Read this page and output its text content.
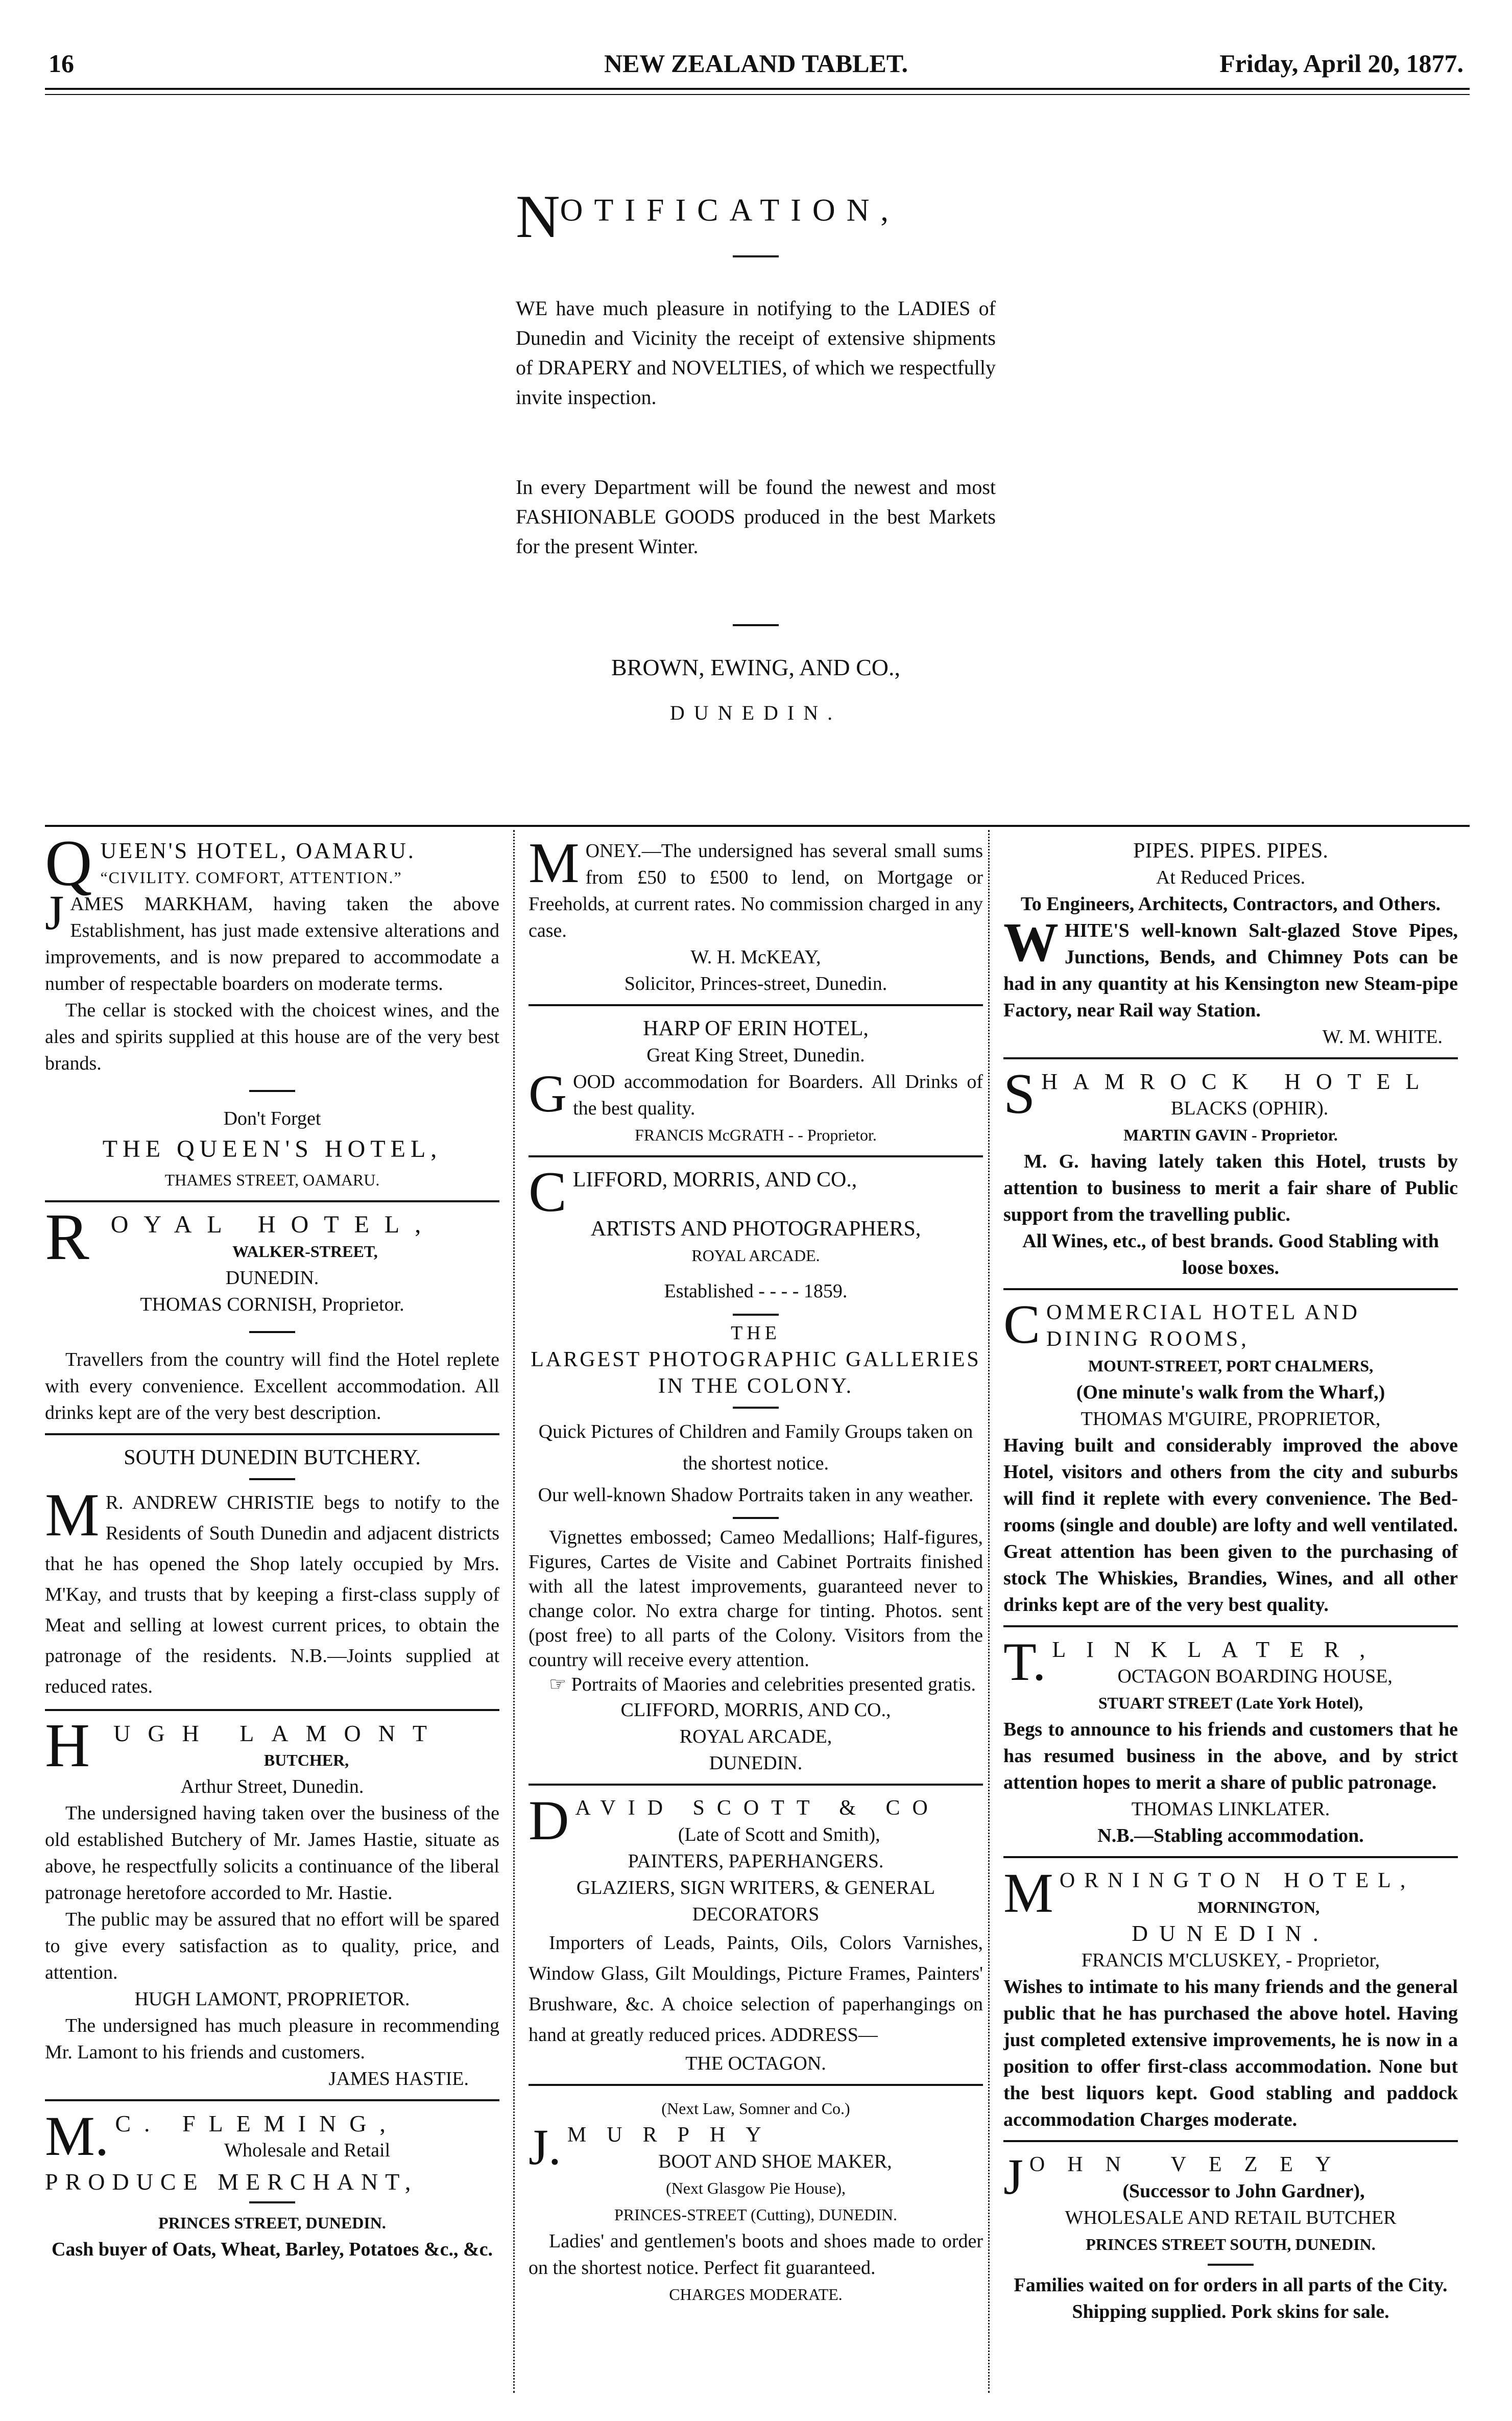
16	NEW ZEALAND TABLET.	Friday, April 20, 1877.
NOTIFICATION,

WE have much pleasure in notifying to the LADIES of Dunedin and Vicinity the receipt of extensive shipments of DRAPERY and NOVELTIES, of which we respectfully invite inspection.

In every Department will be found the newest and most FASHIONABLE GOODS produced in the best Markets for the present Winter.

BROWN, EWING, AND CO.,
DUNEDIN.
QUEEN'S HOTEL, OAMARU.
“CIVILITY. COMFORT, ATTENTION.”

JAMES MARKHAM, having taken the above Establishment, has just made extensive alterations and improvements, and is now prepared to accommodate a number of respectable boarders on moderate terms.

The cellar is stocked with the choicest wines, and the ales and spirits supplied at this house are of the very best brands.

Don't Forget
THE QUEEN'S HOTEL,
THAMES STREET, OAMARU.
ROYAL HOTEL,
WALKER-STREET,
DUNEDIN.
THOMAS CORNISH, Proprietor.

Travellers from the country will find the Hotel replete with every convenience. Excellent accommodation. All drinks kept are of the very best description.

SOUTH DUNEDIN BUTCHERY.

M R. ANDREW CHRISTIE begs to notify to the Residents of South Dunedin and adjacent districts that he has opened the Shop lately occupied by Mrs. M'Kay, and trusts that by keeping a first-class supply of Meat and selling at lowest current prices, to obtain the patronage of the residents. N.B.—Joints supplied at reduced rates.

HUGH LAMONT
BUTCHER,
Arthur Street, Dunedin.

The undersigned having taken over the business of the old established Butchery of Mr. James Hastie, situate as above, he respectfully solicits a continuance of the liberal patronage heretofore accorded to Mr. Hastie.

The public may be assured that no effort will be spared to give every satisfaction as to quality, price, and attention.

HUGH LAMONT, PROPRIETOR.

The undersigned has much pleasure in recommending Mr. Lamont to his friends and customers.

JAMES HASTIE.
M. C. FLEMING,
Wholesale and Retail
PRODUCE MERCHANT,
PRINCES STREET, DUNEDIN.

Cash buyer of Oats, Wheat, Barley, Potatoes &c., &c.

MONEY.—The undersigned has several small sums from £50 to £500 to lend, on Mortgage or Freeholds, at current rates. No commission charged in any case.

W. H. McKEAY,
Solicitor, Princes-street, Dunedin.
HARP OF ERIN HOTEL,
Great King Street, Dunedin.

GOOD accommodation for Boarders. All Drinks of the best quality.

FRANCIS McGRATH - - Proprietor.
CLIFFORD, MORRIS, AND CO.,
ARTISTS AND PHOTOGRAPHERS,
ROYAL ARCADE.
Established - - - - 1859.
THE
LARGEST PHOTOGRAPHIC GALLERIES IN THE COLONY.

Quick Pictures of Children and Family Groups taken on the shortest notice.

Our well-known Shadow Portraits taken in any weather.

Vignettes embossed; Cameo Medallions; Half-figures, Figures, Cartes de Visite and Cabinet Portraits finished with all the latest improvements, guaranteed never to change color. No extra charge for tinting. Photos. sent (post free) to all parts of the Colony. Visitors from the country will receive every attention.

☞ Portraits of Maories and celebrities presented gratis.

CLIFFORD, MORRIS, AND CO.,
ROYAL ARCADE,
DUNEDIN.
DAVID SCOTT & CO
(Late of Scott and Smith),
PAINTERS, PAPERHANGERS.
GLAZIERS, SIGN WRITERS, & GENERAL DECORATORS

Importers of Leads, Paints, Oils, Colors Varnishes, Window Glass, Gilt Mouldings, Picture Frames, Painters' Brushware, &c. A choice selection of paperhangings on hand at greatly reduced prices. ADDRESS—

THE OCTAGON.
(Next Law, Somner and Co.)
J. MURPHY
BOOT AND SHOE MAKER,
(Next Glasgow Pie House),
PRINCES-STREET (Cutting), DUNEDIN.

Ladies' and gentlemen's boots and shoes made to order on the shortest notice. Perfect fit guaranteed.

CHARGES MODERATE.
PIPES. PIPES. PIPES.
At Reduced Prices.
To Engineers, Architects, Contractors, and Others.

WHITE'S well-known Salt-glazed Stove Pipes, Junctions, Bends, and Chimney Pots can be had in any quantity at his Kensington new Steam-pipe Factory, near Rail way Station.

W. M. WHITE.
SHAMROCK HOTEL
BLACKS (OPHIR).
MARTIN GAVIN - Proprietor.

M. G. having lately taken this Hotel, trusts by attention to business to merit a fair share of Public support from the travelling public.

All Wines, etc., of best brands. Good Stabling with loose boxes.
COMMERCIAL HOTEL AND DINING ROOMS,
MOUNT-STREET, PORT CHALMERS,
(One minute's walk from the Wharf,)
THOMAS M'GUIRE, PROPRIETOR,

Having built and considerably improved the above Hotel, visitors and others from the city and suburbs will find it replete with every convenience. The Bed-rooms (single and double) are lofty and well ventilated. Great attention has been given to the purchasing of stock The Whiskies, Brandies, Wines, and all other drinks kept are of the very best quality.

T. LINKLATER,
OCTAGON BOARDING HOUSE,
STUART STREET (Late York Hotel),

Begs to announce to his friends and customers that he has resumed business in the above, and by strict attention hopes to merit a share of public patronage.

THOMAS LINKLATER.
N.B.—Stabling accommodation.
MORNINGTON HOTEL,
MORNINGTON,
DUNEDIN.
FRANCIS M'CLUSKEY, - Proprietor,

Wishes to intimate to his many friends and the general public that he has purchased the above hotel. Having just completed extensive improvements, he is now in a position to offer first-class accommodation. None but the best liquors kept. Good stabling and paddock accommodation Charges moderate.

JOHN VEZEY
(Successor to John Gardner),
WHOLESALE AND RETAIL BUTCHER
PRINCES STREET SOUTH, DUNEDIN.

Families waited on for orders in all parts of the City.

Shipping supplied. Pork skins for sale.
